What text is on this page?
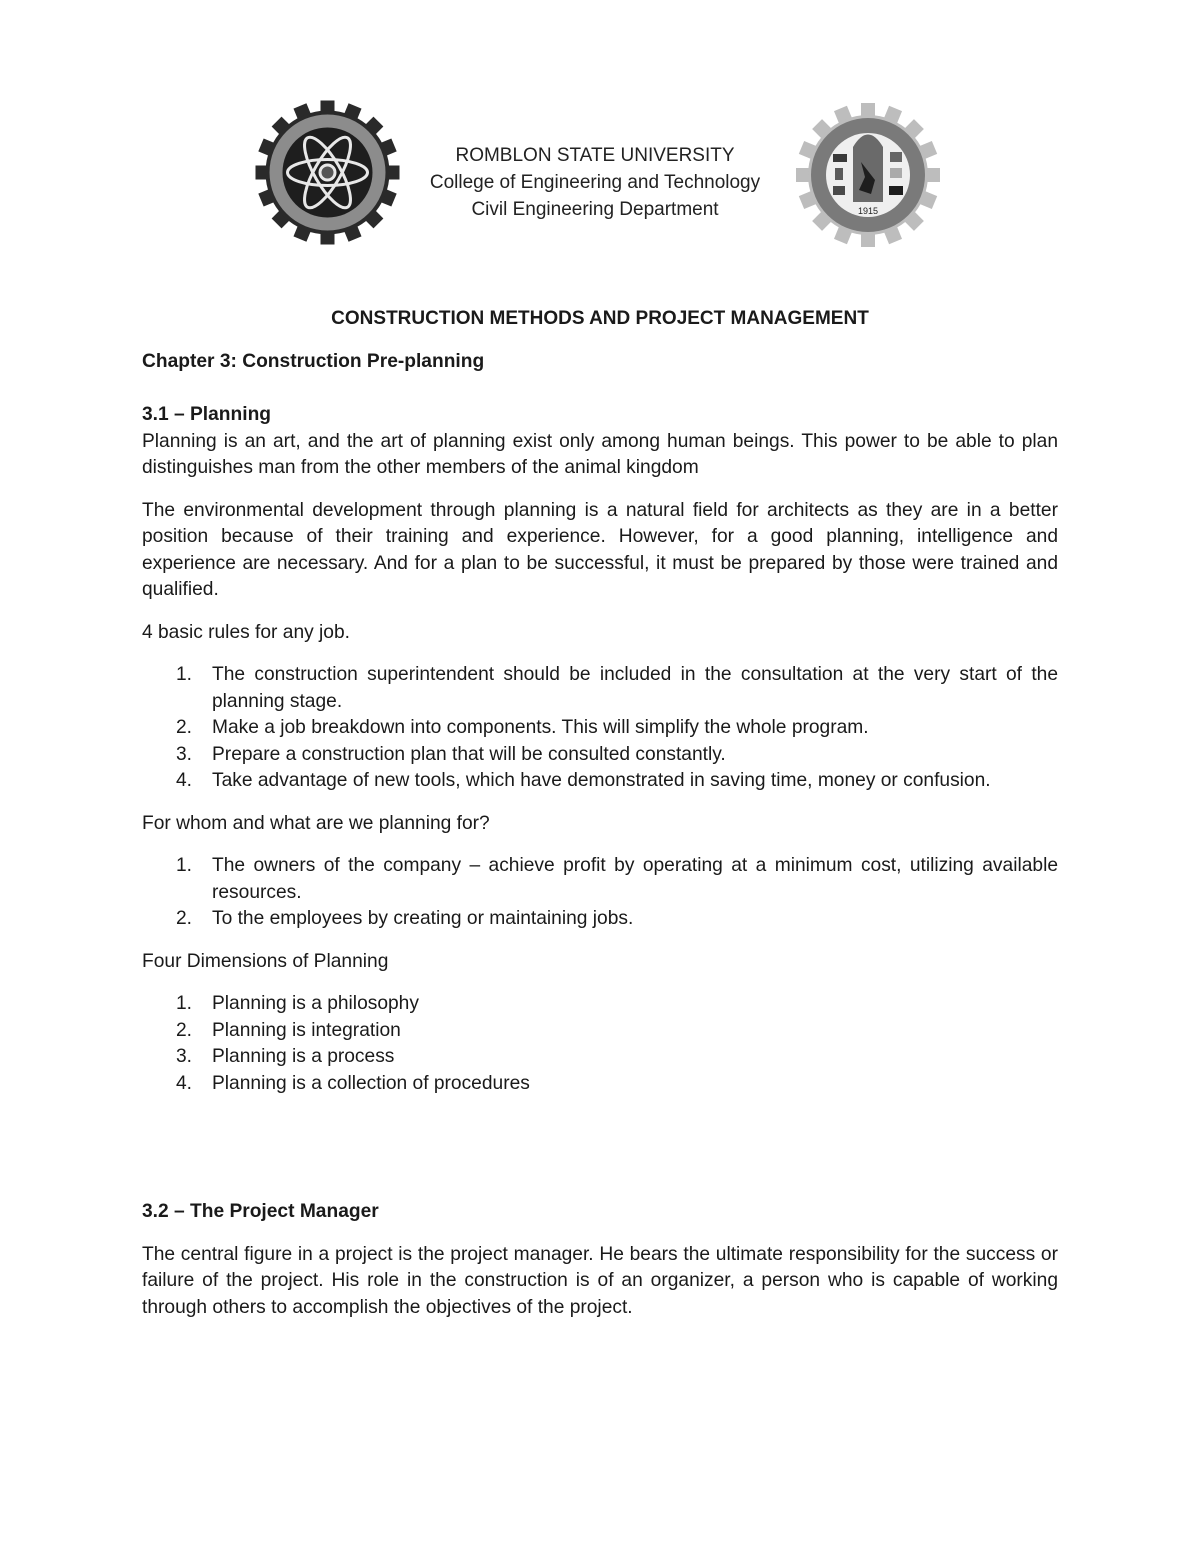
ROMBLON STATE UNIVERSITY
College of Engineering and Technology
Civil Engineering Department	1915
CONSTRUCTION METHODS AND PROJECT MANAGEMENT
Chapter 3: Construction Pre-planning
3.1 – Planning

Planning is an art, and the art of planning exist only among human beings. This power to be able to plan distinguishes man from the other members of the animal kingdom

The environmental development through planning is a natural field for architects as they are in a better position because of their training and experience. However, for a good planning, intelligence and experience are necessary. And for a plan to be successful, it must be prepared by those were trained and qualified.

4 basic rules for any job.

1. The construction superintendent should be included in the consultation at the very start of the planning stage.
2. Make a job breakdown into components. This will simplify the whole program.
3. Prepare a construction plan that will be consulted constantly.
4. Take advantage of new tools, which have demonstrated in saving time, money or confusion.

For whom and what are we planning for?

1. The owners of the company – achieve profit by operating at a minimum cost, utilizing available resources.
2. To the employees by creating or maintaining jobs.

Four Dimensions of Planning

1. Planning is a philosophy
2. Planning is integration
3. Planning is a process
4. Planning is a collection of procedures
3.2 – The Project Manager

The central figure in a project is the project manager. He bears the ultimate responsibility for the success or failure of the project. His role in the construction is of an organizer, a person who is capable of working through others to accomplish the objectives of the project.
